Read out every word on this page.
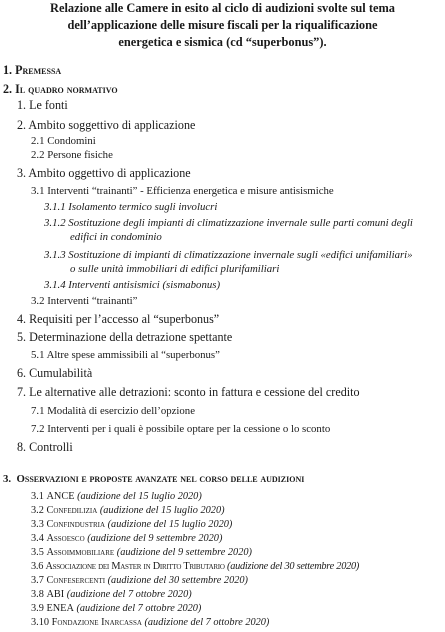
Relazione alle Camere in esito al ciclo di audizioni svolte sul tema
dell’applicazione delle misure fiscali per la riqualificazione
energetica e sismica (cd “superbonus”).
1. Premessa
2. Il quadro normativo
1. Le fonti
2. Ambito soggettivo di applicazione
2.1 Condomini
2.2 Persone fisiche
3. Ambito oggettivo di applicazione
3.1 Interventi “trainanti” - Efficienza energetica e misure antisismiche
3.1.1 Isolamento termico sugli involucri
3.1.2 Sostituzione degli impianti di climatizzazione invernale sulle parti comuni degli
edifici in condominio
3.1.3 Sostituzione di impianti di climatizzazione invernale sugli «edifici unifamiliari»
o sulle unità immobiliari di edifici plurifamiliari
3.1.4 Interventi antisismici (sismabonus)
3.2 Interventi “trainanti”
4. Requisiti per l’accesso al “superbonus”
5. Determinazione della detrazione spettante
5.1 Altre spese ammissibili al “superbonus”
6. Cumulabilità
7. Le alternative alle detrazioni: sconto in fattura e cessione del credito
7.1 Modalità di esercizio dell’opzione
7.2 Interventi per i quali è possibile optare per la cessione o lo sconto
8. Controlli
3. Osservazioni e proposte avanzate nel corso delle audizioni
3.1 ANCE (audizione del 15 luglio 2020)
3.2 Confedilizia (audizione del 15 luglio 2020)
3.3 Confindustria (audizione del 15 luglio 2020)
3.4 Assoesco (audizione del 9 settembre 2020)
3.5 Assoimmobiliare (audizione del 9 settembre 2020)
3.6 Associazione dei Master in Diritto Tributario (audizione del 30 settembre 2020)
3.7 Confesercenti (audizione del 30 settembre 2020)
3.8 ABI (audizione del 7 ottobre 2020)
3.9 ENEA (audizione del 7 ottobre 2020)
3.10 Fondazione Inarcassa (audizione del 7 ottobre 2020)
